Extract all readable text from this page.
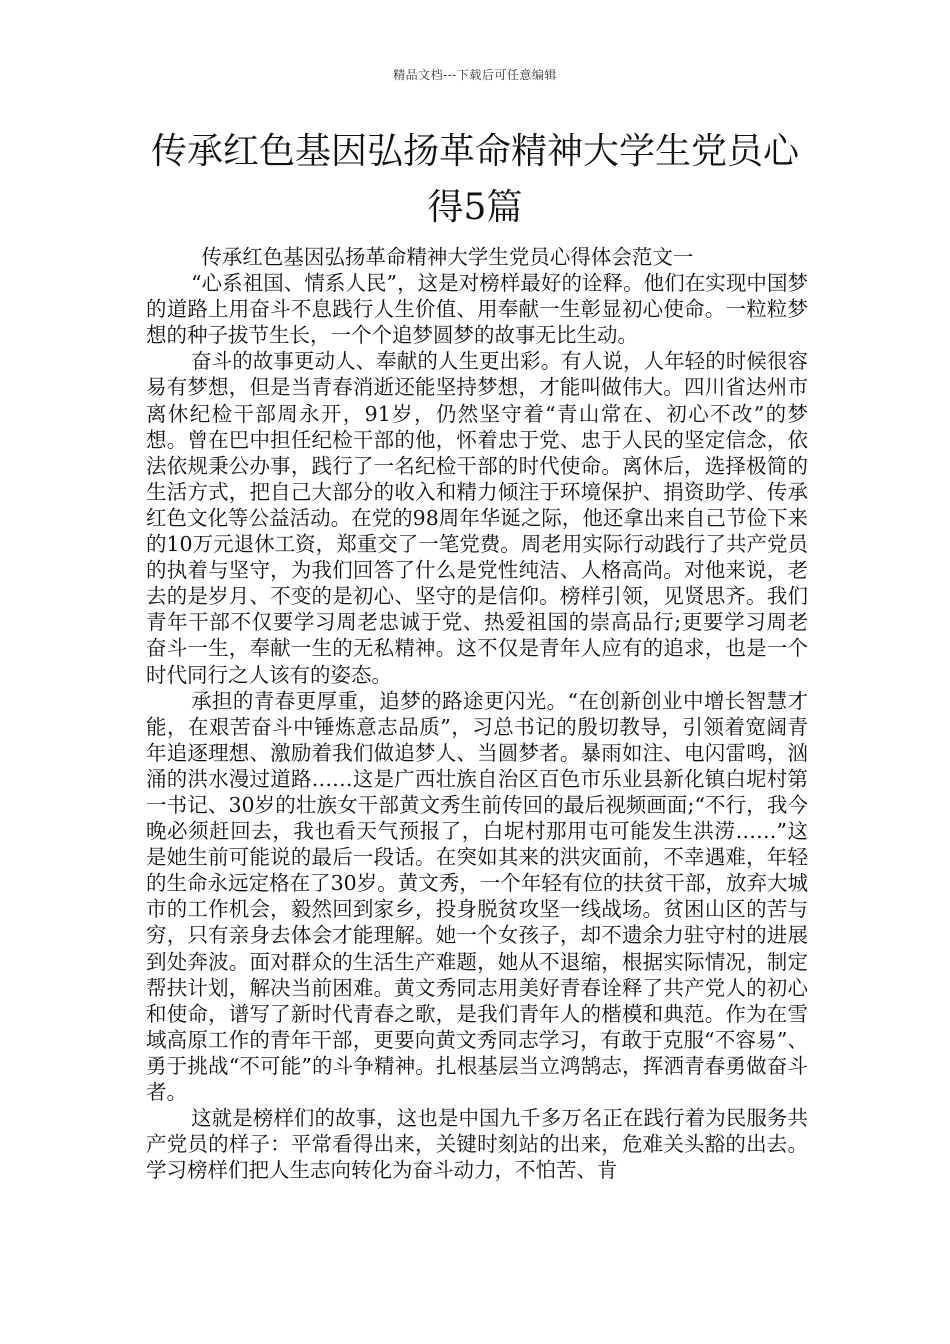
精品文档---下载后可任意编辑
传承红色基因弘扬革命精神大学生党员心
得5篇

传承红色基因弘扬革命精神大学生党员心得体会范文一

“心系祖国、情系人民”，这是对榜样最好的诠释。他们在实现中国梦的道路上用奋斗不息践行人生价值、用奉献一生彰显初心使命。一粒粒梦想的种子拔节生长，一个个追梦圆梦的故事无比生动。

奋斗的故事更动人、奉献的人生更出彩。有人说，人年轻的时候很容易有梦想，但是当青春消逝还能坚持梦想，才能叫做伟大。四川省达州市离休纪检干部周永开，91岁，仍然坚守着“青山常在、初心不改”的梦想。曾在巴中担任纪检干部的他，怀着忠于党、忠于人民的坚定信念，依法依规秉公办事，践行了一名纪检干部的时代使命。离休后，选择极简的生活方式，把自己大部分的收入和精力倾注于环境保护、捐资助学、传承红色文化等公益活动。在党的98周年华诞之际，他还拿出来自己节俭下来的10万元退休工资，郑重交了一笔党费。周老用实际行动践行了共产党员的执着与坚守，为我们回答了什么是党性纯洁、人格高尚。对他来说，老去的是岁月、不变的是初心、坚守的是信仰。榜样引领，见贤思齐。我们青年干部不仅要学习周老忠诚于党、热爱祖国的崇高品行;更要学习周老奋斗一生，奉献一生的无私精神。这不仅是青年人应有的追求，也是一个时代同行之人该有的姿态。

承担的青春更厚重，追梦的路途更闪光。“在创新创业中增长智慧才能，在艰苦奋斗中锤炼意志品质”，习总书记的殷切教导，引领着宽阔青年追逐理想、激励着我们做追梦人、当圆梦者。暴雨如注、电闪雷鸣，汹涌的洪水漫过道路……这是广西壮族自治区百色市乐业县新化镇白坭村第一书记、30岁的壮族女干部黄文秀生前传回的最后视频画面;“不行，我今晚必须赶回去，我也看天气预报了，白坭村那用屯可能发生洪涝……”这是她生前可能说的最后一段话。在突如其来的洪灾面前，不幸遇难，年轻的生命永远定格在了30岁。黄文秀，一个年轻有位的扶贫干部，放弃大城市的工作机会，毅然回到家乡，投身脱贫攻坚一线战场。贫困山区的苦与穷，只有亲身去体会才能理解。她一个女孩子，却不遗余力驻守村的进展到处奔波。面对群众的生活生产难题，她从不退缩，根据实际情况，制定帮扶计划，解决当前困难。黄文秀同志用美好青春诠释了共产党人的初心和使命，谱写了新时代青春之歌，是我们青年人的楷模和典范。作为在雪域高原工作的青年干部，更要向黄文秀同志学习，有敢于克服“不容易”、勇于挑战“不可能”的斗争精神。扎根基层当立鸿鹄志，挥洒青春勇做奋斗者。

这就是榜样们的故事，这也是中国九千多万名正在践行着为民服务共产党员的样子：平常看得出来，关键时刻站的出来，危难关头豁的出去。学习榜样们把人生志向转化为奋斗动力，不怕苦、肯
